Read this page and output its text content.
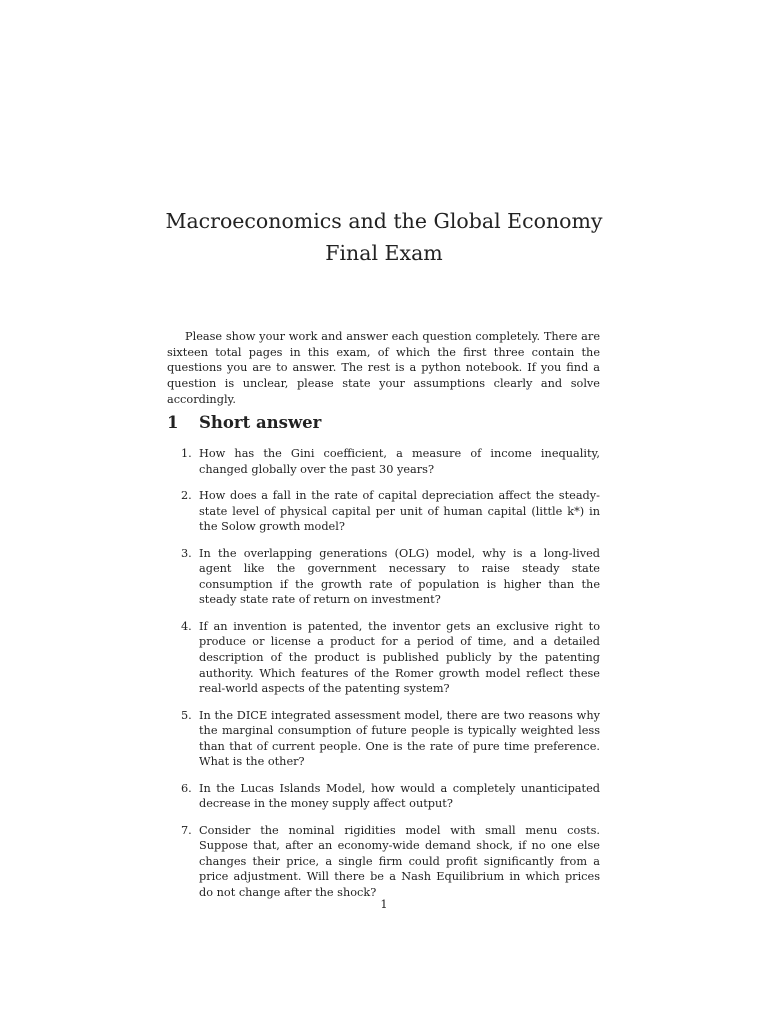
Macroeconomics and the Global Economy Final Exam

Please show your work and answer each question completely. There are sixteen total pages in this exam, of which the first three contain the questions you are to answer. The rest is a python notebook. If you find a question is unclear, please state your assumptions clearly and solve accordingly.

1 Short answer
1. How has the Gini coefficient, a measure of income inequality, changed globally over the past 30 years?
2. How does a fall in the rate of capital depreciation affect the steady-state level of physical capital per unit of human capital (little k*) in the Solow growth model?
3. In the overlapping generations (OLG) model, why is a long-lived agent like the government necessary to raise steady state consumption if the growth rate of population is higher than the steady state rate of return on investment?
4. If an invention is patented, the inventor gets an exclusive right to produce or license a product for a period of time, and a detailed description of the product is published publicly by the patenting authority. Which features of the Romer growth model reflect these real-world aspects of the patenting system?
5. In the DICE integrated assessment model, there are two reasons why the marginal consumption of future people is typically weighted less than that of current people. One is the rate of pure time preference. What is the other?
6. In the Lucas Islands Model, how would a completely unanticipated decrease in the money supply affect output?
7. Consider the nominal rigidities model with small menu costs. Suppose that, after an economy-wide demand shock, if no one else changes their price, a single firm could profit significantly from a price adjustment. Will there be a Nash Equilibrium in which prices do not change after the shock?
1
